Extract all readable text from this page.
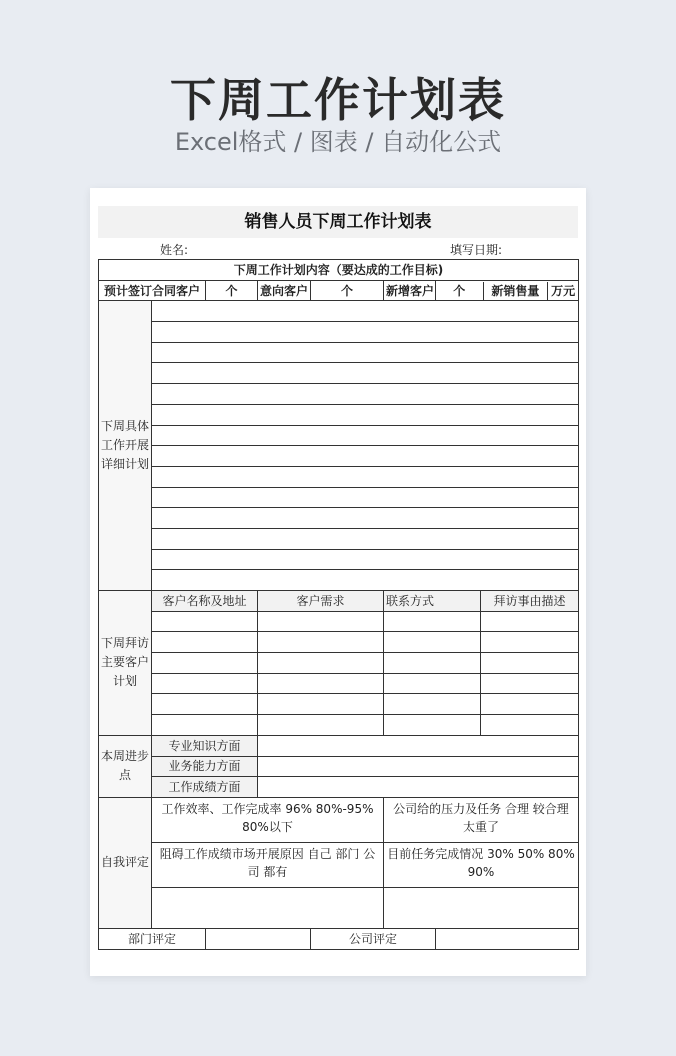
下周工作计划表
Excel格式 / 图表 / 自动化公式
销售人员下周工作计划表
姓名:	填写日期:
下周工作计划内容（要达成的工作目标)
预计签订合同客户	个	意向客户	个	新增客户	个	新销售量	万元

下周具体工作开展详细计划	

下周拜访主要客户计划	客户名称及地址	客户需求	联系方式		拜访事由描述

本周进步点	专业知识方面	
业务能力方面	
工作成绩方面	
自我评定	工作效率、工作完成率 96% 80%-95% 80%以下	公司给的压力及任务 合理 较合理 太重了
阻碍工作成绩市场开展原因 自己 部门 公司 都有	目前任务完成情况 30% 50% 80% 90%

部门评定		公司评定	
